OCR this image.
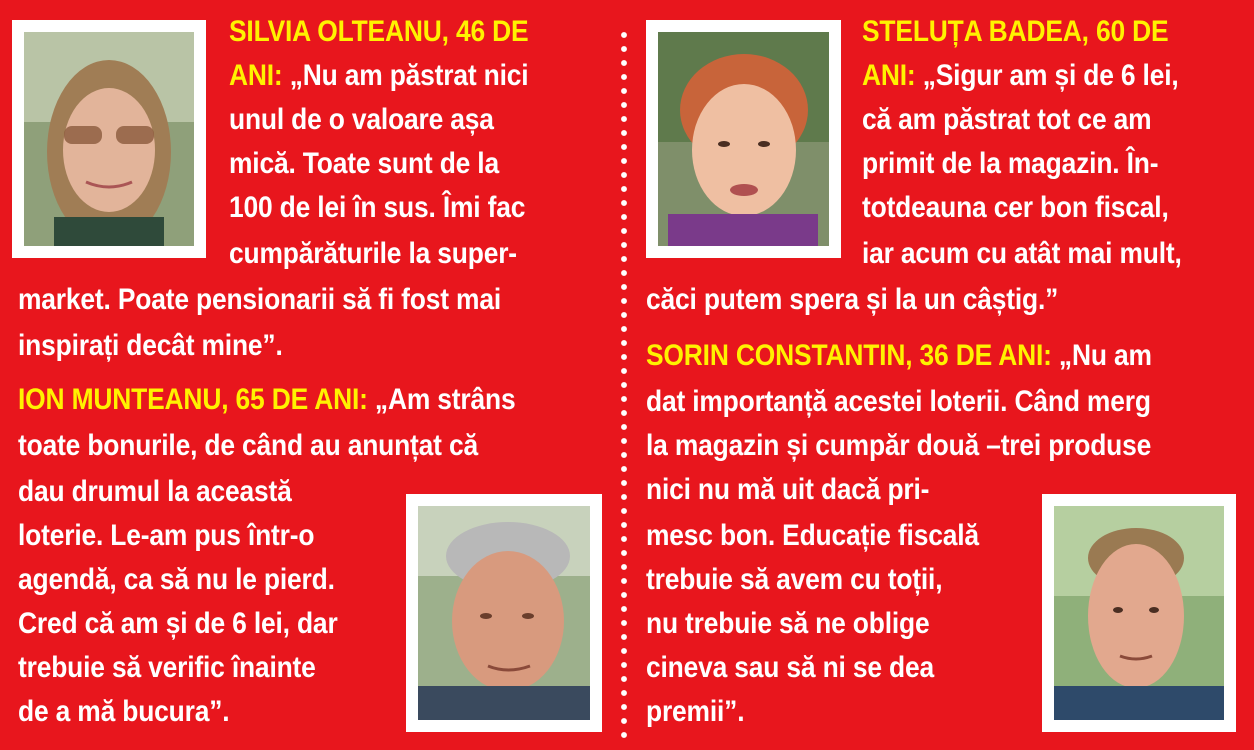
SILVIA OLTEANU, 46 DE
ANI: „Nu am păstrat nici
unul de o valoare așa
mică. Toate sunt de la
100 de lei în sus. Îmi fac
cumpărăturile la super-
market. Poate pensionarii să fi fost mai
inspirați decât mine”.
ION MUNTEANU, 65 DE ANI: „Am strâns
toate bonurile, de când au anunțat că
dau drumul la această
loterie. Le-am pus într-o
agendă, ca să nu le pierd.
Cred că am și de 6 lei, dar
trebuie să verific înainte
de a mă bucura”.
STELUȚA BADEA, 60 DE
ANI: „Sigur am și de 6 lei,
că am păstrat tot ce am
primit de la magazin. În-
totdeauna cer bon fiscal,
iar acum cu atât mai mult,
căci putem spera și la un câștig.”
SORIN CONSTANTIN, 36 DE ANI: „Nu am
dat importanță acestei loterii. Când merg
la magazin și cumpăr două –trei produse
nici nu mă uit dacă pri-
mesc bon. Educație fiscală
trebuie să avem cu toții,
nu trebuie să ne oblige
cineva sau să ni se dea
premii”.
